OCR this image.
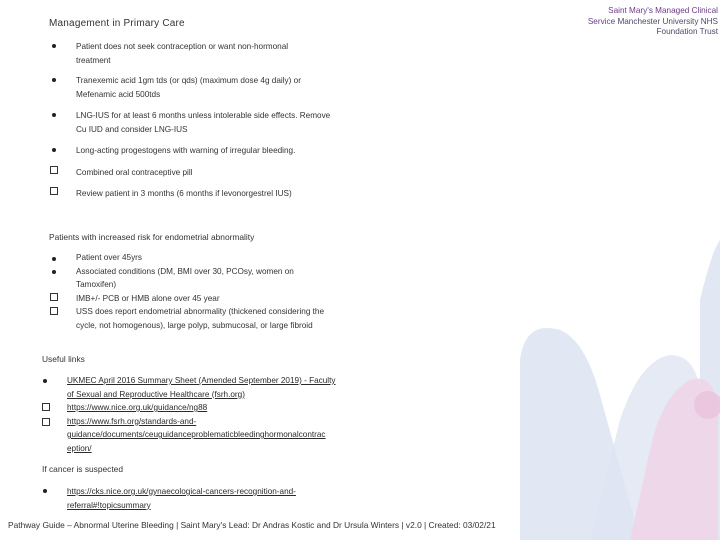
Management in Primary Care
Saint Mary's Managed Clinical
Service Manchester University NHS
Foundation Trust
Patient does not seek contraception or want non-hormonal
treatment
Tranexemic acid 1gm tds (or qds) (maximum dose 4g daily) or
Mefenamic acid 500tds
LNG-IUS for at least 6 months unless intolerable side effects. Remove
Cu IUD and consider LNG-IUS
Long-acting progestogens with warning of irregular bleeding.
Combined oral contraceptive pill
Review patient in 3 months (6 months if levonorgestrel IUS)
Patients with increased risk for endometrial abnormality
Patient over 45yrs
Associated conditions (DM, BMI over 30, PCOsy, women on
Tamoxifen)
IMB+/- PCB or HMB alone over 45 year
USS does report endometrial abnormality (thickened considering the
cycle, not homogenous), large polyp, submucosal, or large fibroid
Useful links
UKMEC April 2016 Summary Sheet (Amended September 2019) - Faculty
of Sexual and Reproductive Healthcare (fsrh.org)
https://www.nice.org.uk/guidance/ng88
https://www.fsrh.org/standards-and-
guidance/documents/ceuguidanceproblematicbleedinghormonalcontrac
eption/
If cancer is suspected
https://cks.nice.org.uk/gynaecological-cancers-recognition-and-
referral#!topicsummary
Pathway Guide – Abnormal Uterine Bleeding | Saint Mary's Lead: Dr Andras Kostic and Dr Ursula Winters | v2.0 | Created: 03/02/21
